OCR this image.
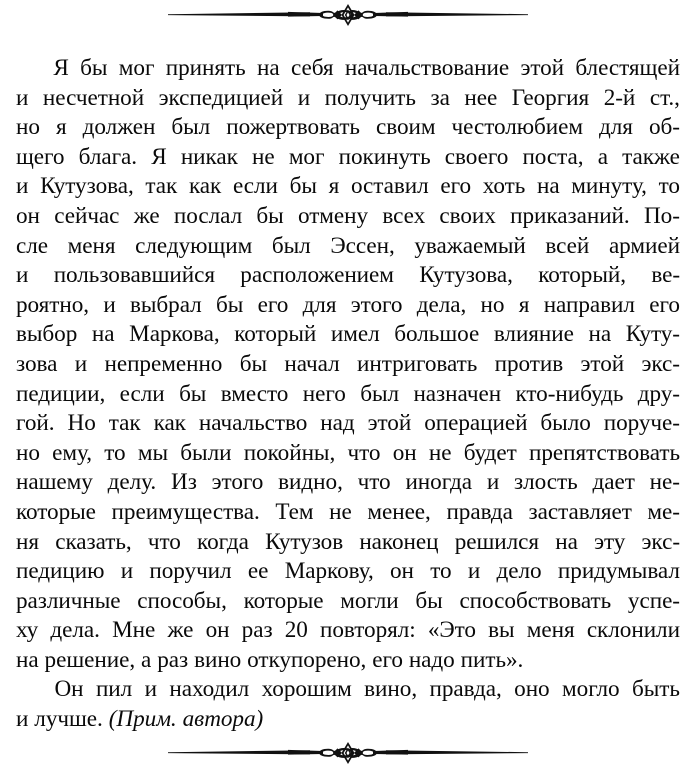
Я бы мог принять на себя начальствование этой блестящей
и несчетной экспедицией и получить за нее Георгия 2-й ст.,
но я должен был пожертвовать своим честолюбием для об-
щего блага. Я никак не мог покинуть своего поста, а также
и Кутузова, так как если бы я оставил его хоть на минуту, то
он сейчас же послал бы отмену всех своих приказаний. По-
сле меня следующим был Эссен, уважаемый всей армией
и пользовавшийся расположением Кутузова, который, ве-
роятно, и выбрал бы его для этого дела, но я направил его
выбор на Маркова, который имел большое влияние на Куту-
зова и непременно бы начал интриговать против этой экс-
педиции, если бы вместо него был назначен кто-нибудь дру-
гой. Но так как начальство над этой операцией было поруче-
но ему, то мы были покойны, что он не будет препятствовать
нашему делу. Из этого видно, что иногда и злость дает не-
которые преимущества. Тем не менее, правда заставляет ме-
ня сказать, что когда Кутузов наконец решился на эту экс-
педицию и поручил ее Маркову, он то и дело придумывал
различные способы, которые могли бы способствовать успе-
ху дела. Мне же он раз 20 повторял: «Это вы меня склонили
на решение, а раз вино откупорено, его надо пить».

Он пил и находил хорошим вино, правда, оно могло быть
и лучше. (Прим. автора)
